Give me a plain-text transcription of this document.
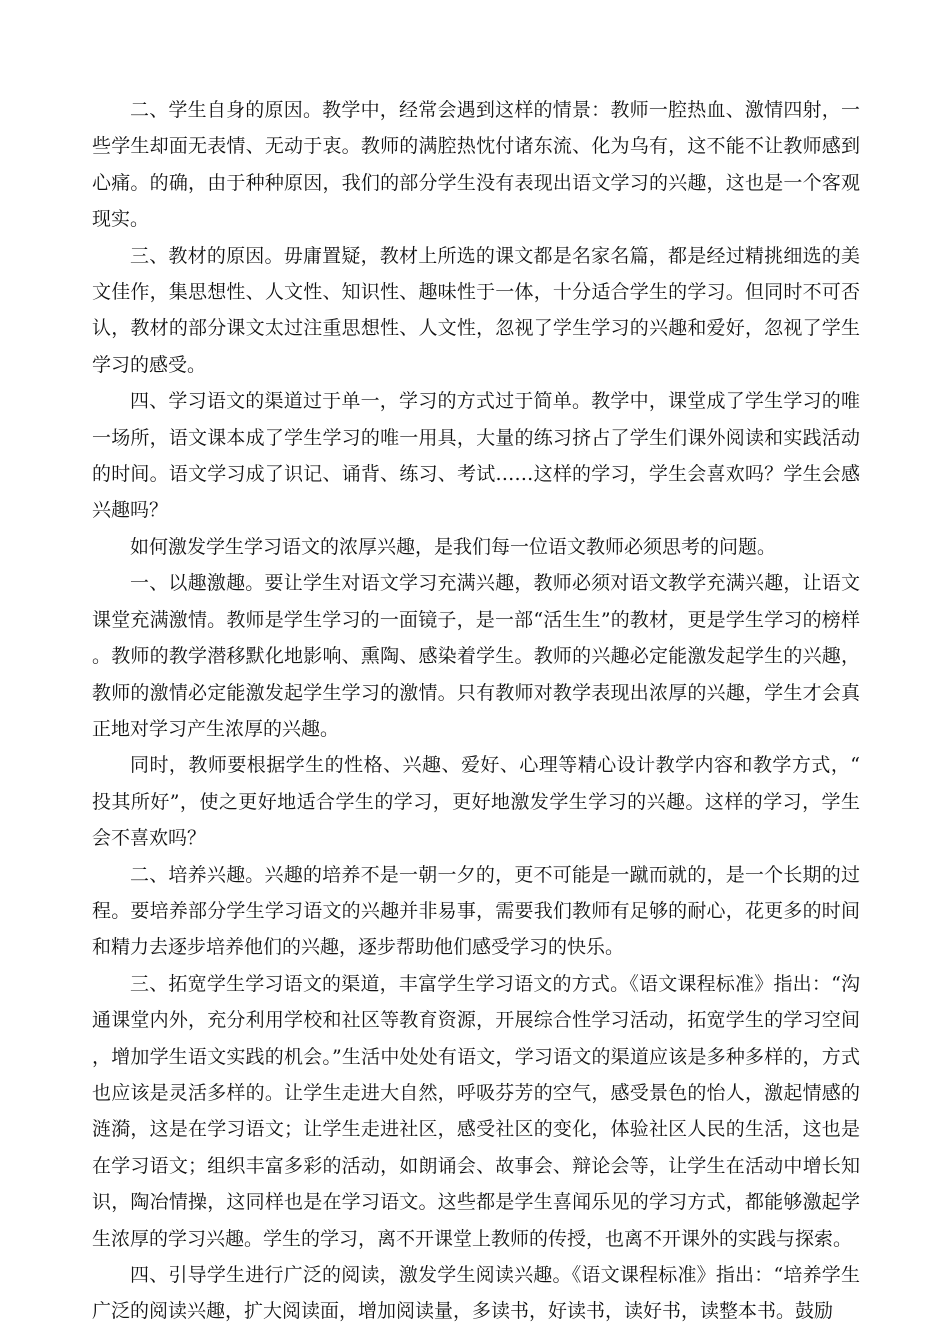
二、学生自身的原因。教学中，经常会遇到这样的情景：教师一腔热血、激情四射，一些学生却面无表情、无动于衷。教师的满腔热忱付诸东流、化为乌有，这不能不让教师感到心痛。的确，由于种种原因，我们的部分学生没有表现出语文学习的兴趣，这也是一个客观现实。

三、教材的原因。毋庸置疑，教材上所选的课文都是名家名篇，都是经过精挑细选的美文佳作，集思想性、人文性、知识性、趣味性于一体，十分适合学生的学习。但同时不可否认，教材的部分课文太过注重思想性、人文性，忽视了学生学习的兴趣和爱好，忽视了学生学习的感受。

四、学习语文的渠道过于单一，学习的方式过于简单。教学中，课堂成了学生学习的唯一场所，语文课本成了学生学习的唯一用具，大量的练习挤占了学生们课外阅读和实践活动的时间。语文学习成了识记、诵背、练习、考试……这样的学习，学生会喜欢吗？学生会感兴趣吗？

如何激发学生学习语文的浓厚兴趣，是我们每一位语文教师必须思考的问题。

一、以趣激趣。要让学生对语文学习充满兴趣，教师必须对语文教学充满兴趣，让语文课堂充满激情。教师是学生学习的一面镜子，是一部“活生生”的教材，更是学生学习的榜样。教师的教学潜移默化地影响、熏陶、感染着学生。教师的兴趣必定能激发起学生的兴趣，教师的激情必定能激发起学生学习的激情。只有教师对教学表现出浓厚的兴趣，学生才会真正地对学习产生浓厚的兴趣。

同时，教师要根据学生的性格、兴趣、爱好、心理等精心设计教学内容和教学方式，“投其所好”，使之更好地适合学生的学习，更好地激发学生学习的兴趣。这样的学习，学生会不喜欢吗？

二、培养兴趣。兴趣的培养不是一朝一夕的，更不可能是一蹴而就的，是一个长期的过程。要培养部分学生学习语文的兴趣并非易事，需要我们教师有足够的耐心，花更多的时间和精力去逐步培养他们的兴趣，逐步帮助他们感受学习的快乐。

三、拓宽学生学习语文的渠道，丰富学生学习语文的方式。《语文课程标准》指出：“沟通课堂内外，充分利用学校和社区等教育资源，开展综合性学习活动，拓宽学生的学习空间，增加学生语文实践的机会。”生活中处处有语文，学习语文的渠道应该是多种多样的，方式也应该是灵活多样的。让学生走进大自然，呼吸芬芳的空气，感受景色的怡人，激起情感的涟漪，这是在学习语文；让学生走进社区，感受社区的变化，体验社区人民的生活，这也是在学习语文；组织丰富多彩的活动，如朗诵会、故事会、辩论会等，让学生在活动中增长知识，陶冶情操，这同样也是在学习语文。这些都是学生喜闻乐见的学习方式，都能够激起学生浓厚的学习兴趣。学生的学习，离不开课堂上教师的传授，也离不开课外的实践与探索。

四、引导学生进行广泛的阅读，激发学生阅读兴趣。《语文课程标准》指出：“培养学生广泛的阅读兴趣，扩大阅读面，增加阅读量，多读书，好读书，读好书，读整本书。鼓励
